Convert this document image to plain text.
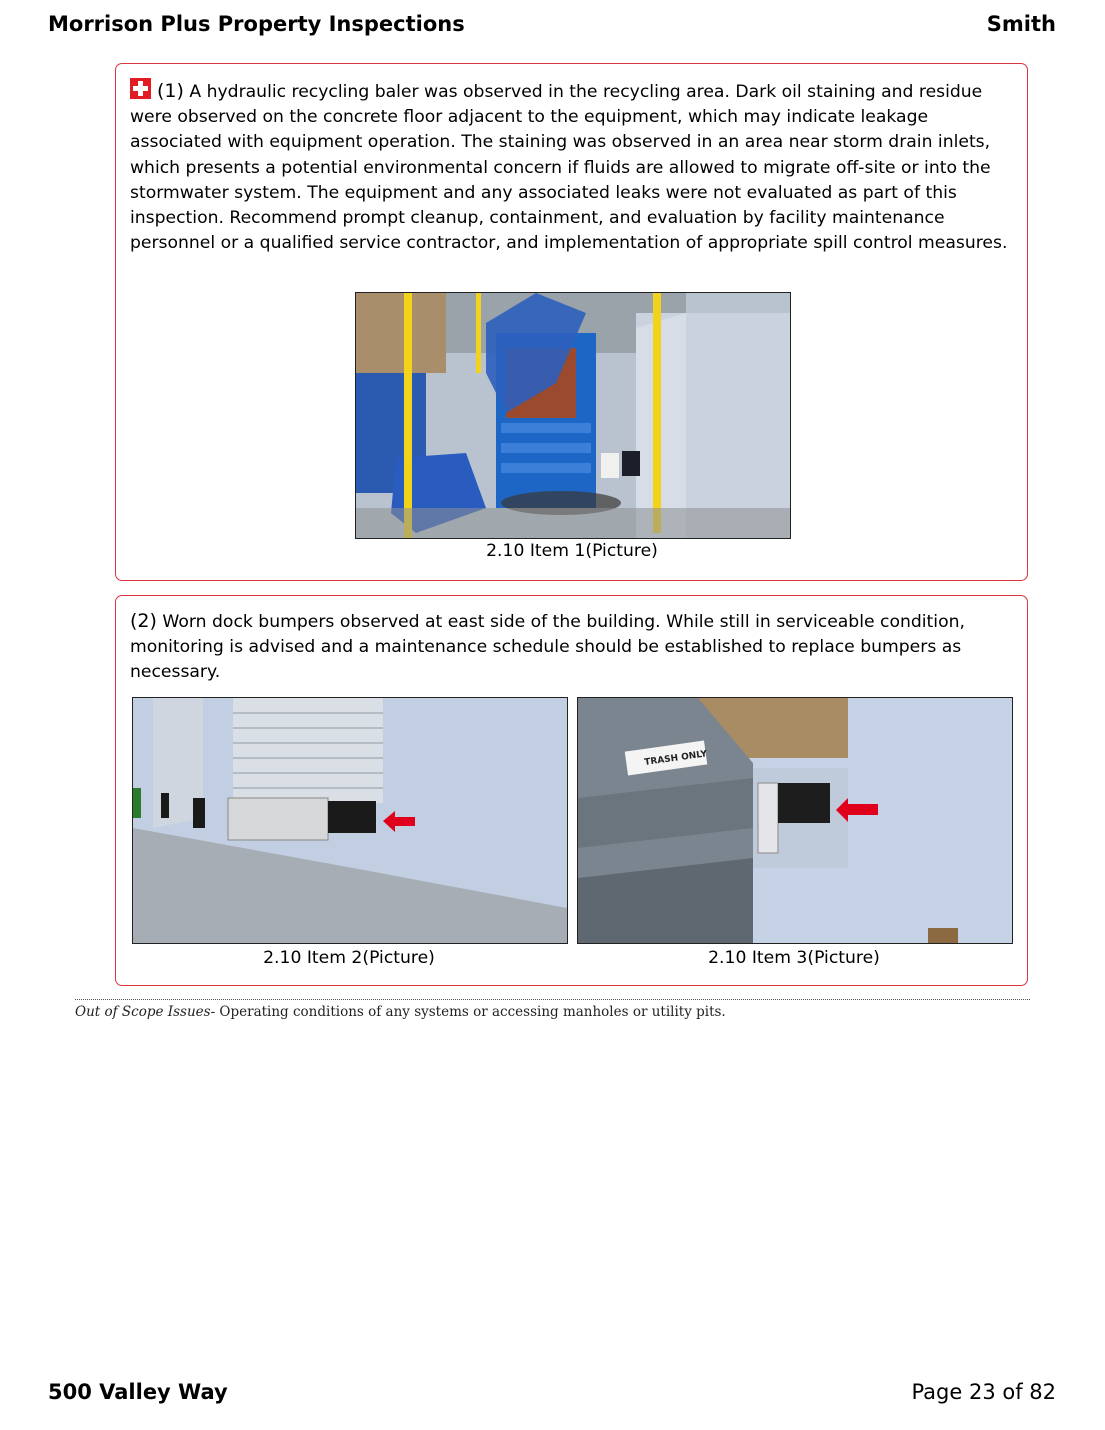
Morrison Plus Property Inspections	Smith
(1) A hydraulic recycling baler was observed in the recycling area. Dark oil staining and residue were observed on the concrete floor adjacent to the equipment, which may indicate leakage associated with equipment operation. The staining was observed in an area near storm drain inlets, which presents a potential environmental concern if fluids are allowed to migrate off-site or into the stormwater system. The equipment and any associated leaks were not evaluated as part of this inspection. Recommend prompt cleanup, containment, and evaluation by facility maintenance personnel or a qualified service contractor, and implementation of appropriate spill control measures.
2.10 Item 1(Picture)
(2) Worn dock bumpers observed at east side of the building. While still in serviceable condition, monitoring is advised and a maintenance schedule should be established to replace bumpers as necessary.
2.10 Item 2(Picture)
TRASH ONLY
2.10 Item 3(Picture)
Out of Scope Issues- Operating conditions of any systems or accessing manholes or utility pits.
500 Valley Way	Page 23 of 82
